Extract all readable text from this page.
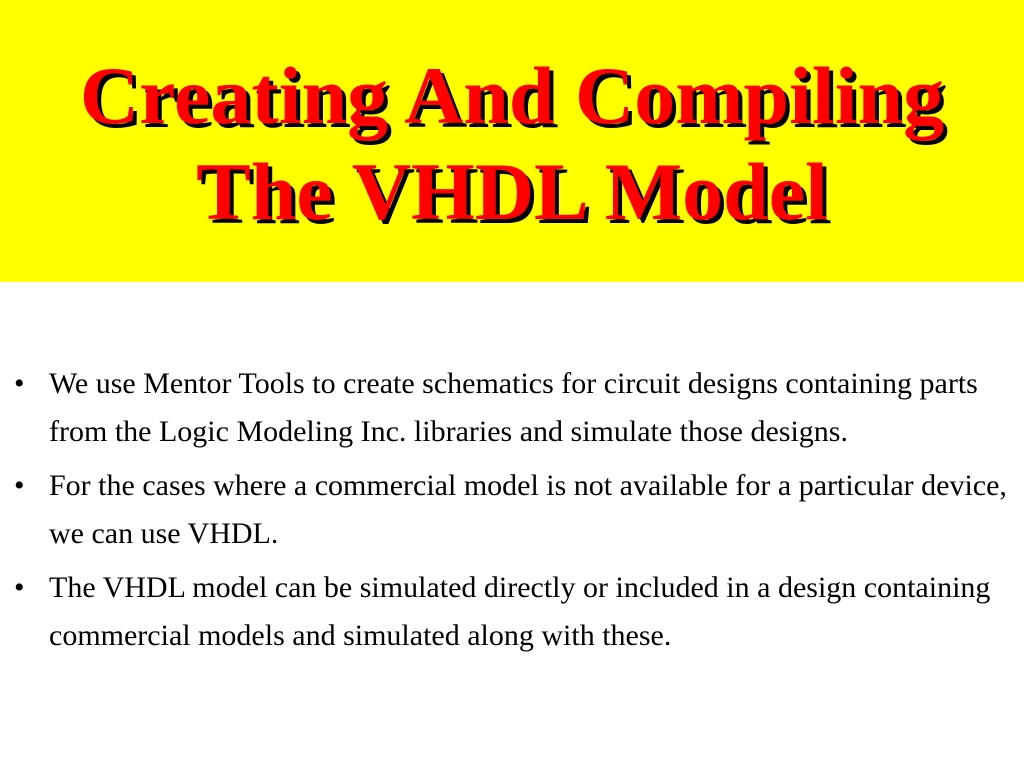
Creating And Compiling
The VHDL Model
• We use Mentor Tools to create schematics for circuit designs containing parts from the Logic Modeling Inc. libraries and simulate those designs.
• For the cases where a commercial model is not available for a particular device, we can use VHDL.
• The VHDL model can be simulated directly or included in a design containing commercial models and simulated along with these.
